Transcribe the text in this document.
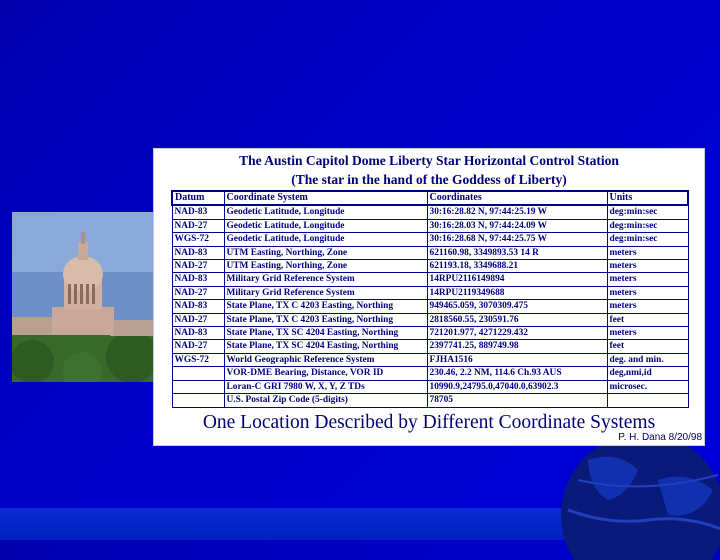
The Austin Capitol Dome Liberty Star Horizontal Control Station
(The star in the hand of the Goddess of Liberty)
Datum	Coordinate System	Coordinates	Units
NAD-83	Geodetic Latitude, Longitude	30:16:28.82 N, 97:44:25.19 W	deg:min:sec
NAD-27	Geodetic Latitude, Longitude	30:16:28.03 N, 97:44:24.09 W	deg:min:sec
WGS-72	Geodetic Latitude, Longitude	30:16:28.68 N, 97:44:25.75 W	deg:min:sec
NAD-83	UTM Easting, Northing, Zone	621160.98, 3349893.53 14 R	meters
NAD-27	UTM Easting, Northing, Zone	621193.18, 3349688.21	meters
NAD-83	Military Grid Reference System	14RPU2116149894	meters
NAD-27	Military Grid Reference System	14RPU2119349688	meters
NAD-83	State Plane, TX C 4203 Easting, Northing	949465.059, 3070309.475	meters
NAD-27	State Plane, TX C 4203 Easting, Northing	2818560.55, 230591.76	feet
NAD-83	State Plane, TX SC 4204 Easting, Northing	721201.977, 4271229.432	meters
NAD-27	State Plane, TX SC 4204 Easting, Northing	2397741.25, 889749.98	feet
WGS-72	World Geographic Reference System	FJHA1516	deg. and min.
	VOR-DME Bearing, Distance, VOR ID	230.46, 2.2 NM, 114.6 Ch.93 AUS	deg,nmi,id
	Loran-C GRI 7980 W, X, Y, Z TDs	10990.9,24795.0,47040.0,63902.3	microsec.
	U.S. Postal Zip Code (5-digits)	78705	
One Location Described by Different Coordinate Systems
P. H. Dana 8/20/98
